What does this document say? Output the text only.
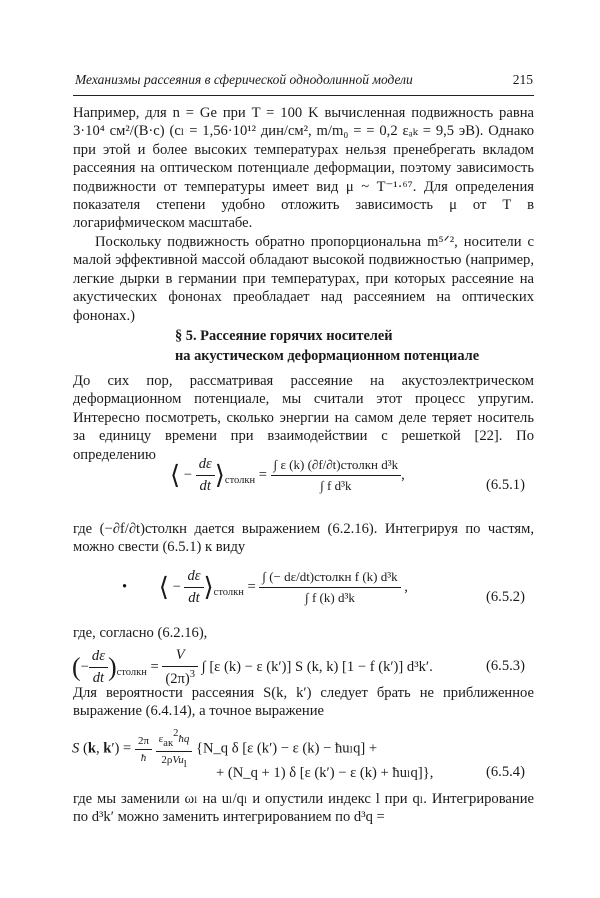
Механизмы рассеяния в сферической однодолинной модели	215

Например, для n = Ge при T = 100 K вычисленная подвижность равна 3·10⁴ см²/(В·с) (cₗ = 1,56·10¹² дин/см², m/m₀ = = 0,2 εₐₖ = 9,5 эВ). Однако при этой и более высоких температурах нельзя пренебрегать вкладом рассеяния на оптическом потенциале деформации, поэтому зависимость подвижности от температуры имеет вид μ ~ T⁻¹·⁶⁷. Для определения показателя степени удобно отложить зависимость μ от T в логарифмическом масштабе.

Поскольку подвижность обратно пропорциональна m⁵ᐟ², носители с малой эффективной массой обладают высокой подвижностью (например, легкие дырки в германии при температурах, при которых рассеяние на акустических фононах преобладает над рассеянием на оптических фононах.)

§ 5. Рассеяние горячих носителей
на акустическом деформационном потенциале

До сих пор, рассматривая рассеяние на акустоэлектрическом деформационном потенциале, мы считали этот процесс упругим. Интересно посмотреть, сколько энергии на самом деле теряет носитель за единицу времени при взаимодействии с решеткой [22]. По определению

⟨ − $\frac{d\varepsilon}{dt}$ $⟩_{столкн} = \frac{\text{∫ ε (k) (∂f/∂t)столкн d³k}}{\text{∫ f d³k}}$ ,
(6.5.1)

где (−∂f/∂t)столкн дается выражением (6.2.16). Интегрируя по частям, можно свести (6.5.1) к виду

• ⟨ − $\frac{d\varepsilon}{dt}$ $⟩_{столкн} = \frac{\text{∫ (− dε/dt)столкн f (k) d³k}}{\text{∫ f (k) d³k}}$ ,
(6.5.2)

где, согласно (6.2.16),

(− $\frac{d\varepsilon}{dt} )_{столкн} = \frac{V}{(2\pi)^3}$ ∫ [ε (k) − ε (k′)] S (k, k) [1 − f (k′)] d³k′.	(6.5.3)

Для вероятности рассеяния S(k, k′) следует брать не приближенное выражение (6.4.14), а точное выражение

S (k, $k') = \frac{2\pi}{ħ}$
$\frac{\text{εак2ħq}}{\text{2ρVul}}$ {N_q δ [ε (k′) − ε (k) − ħuₗq] +
+ (N_q + 1) δ [ε (k′) − ε (k) + ħuₗq]},	(6.5.4)

где мы заменили ωₗ на uₗ/qₗ и опустили индекс l при qₗ. Интегрирование по d³k′ можно заменить интегрированием по d³q =
